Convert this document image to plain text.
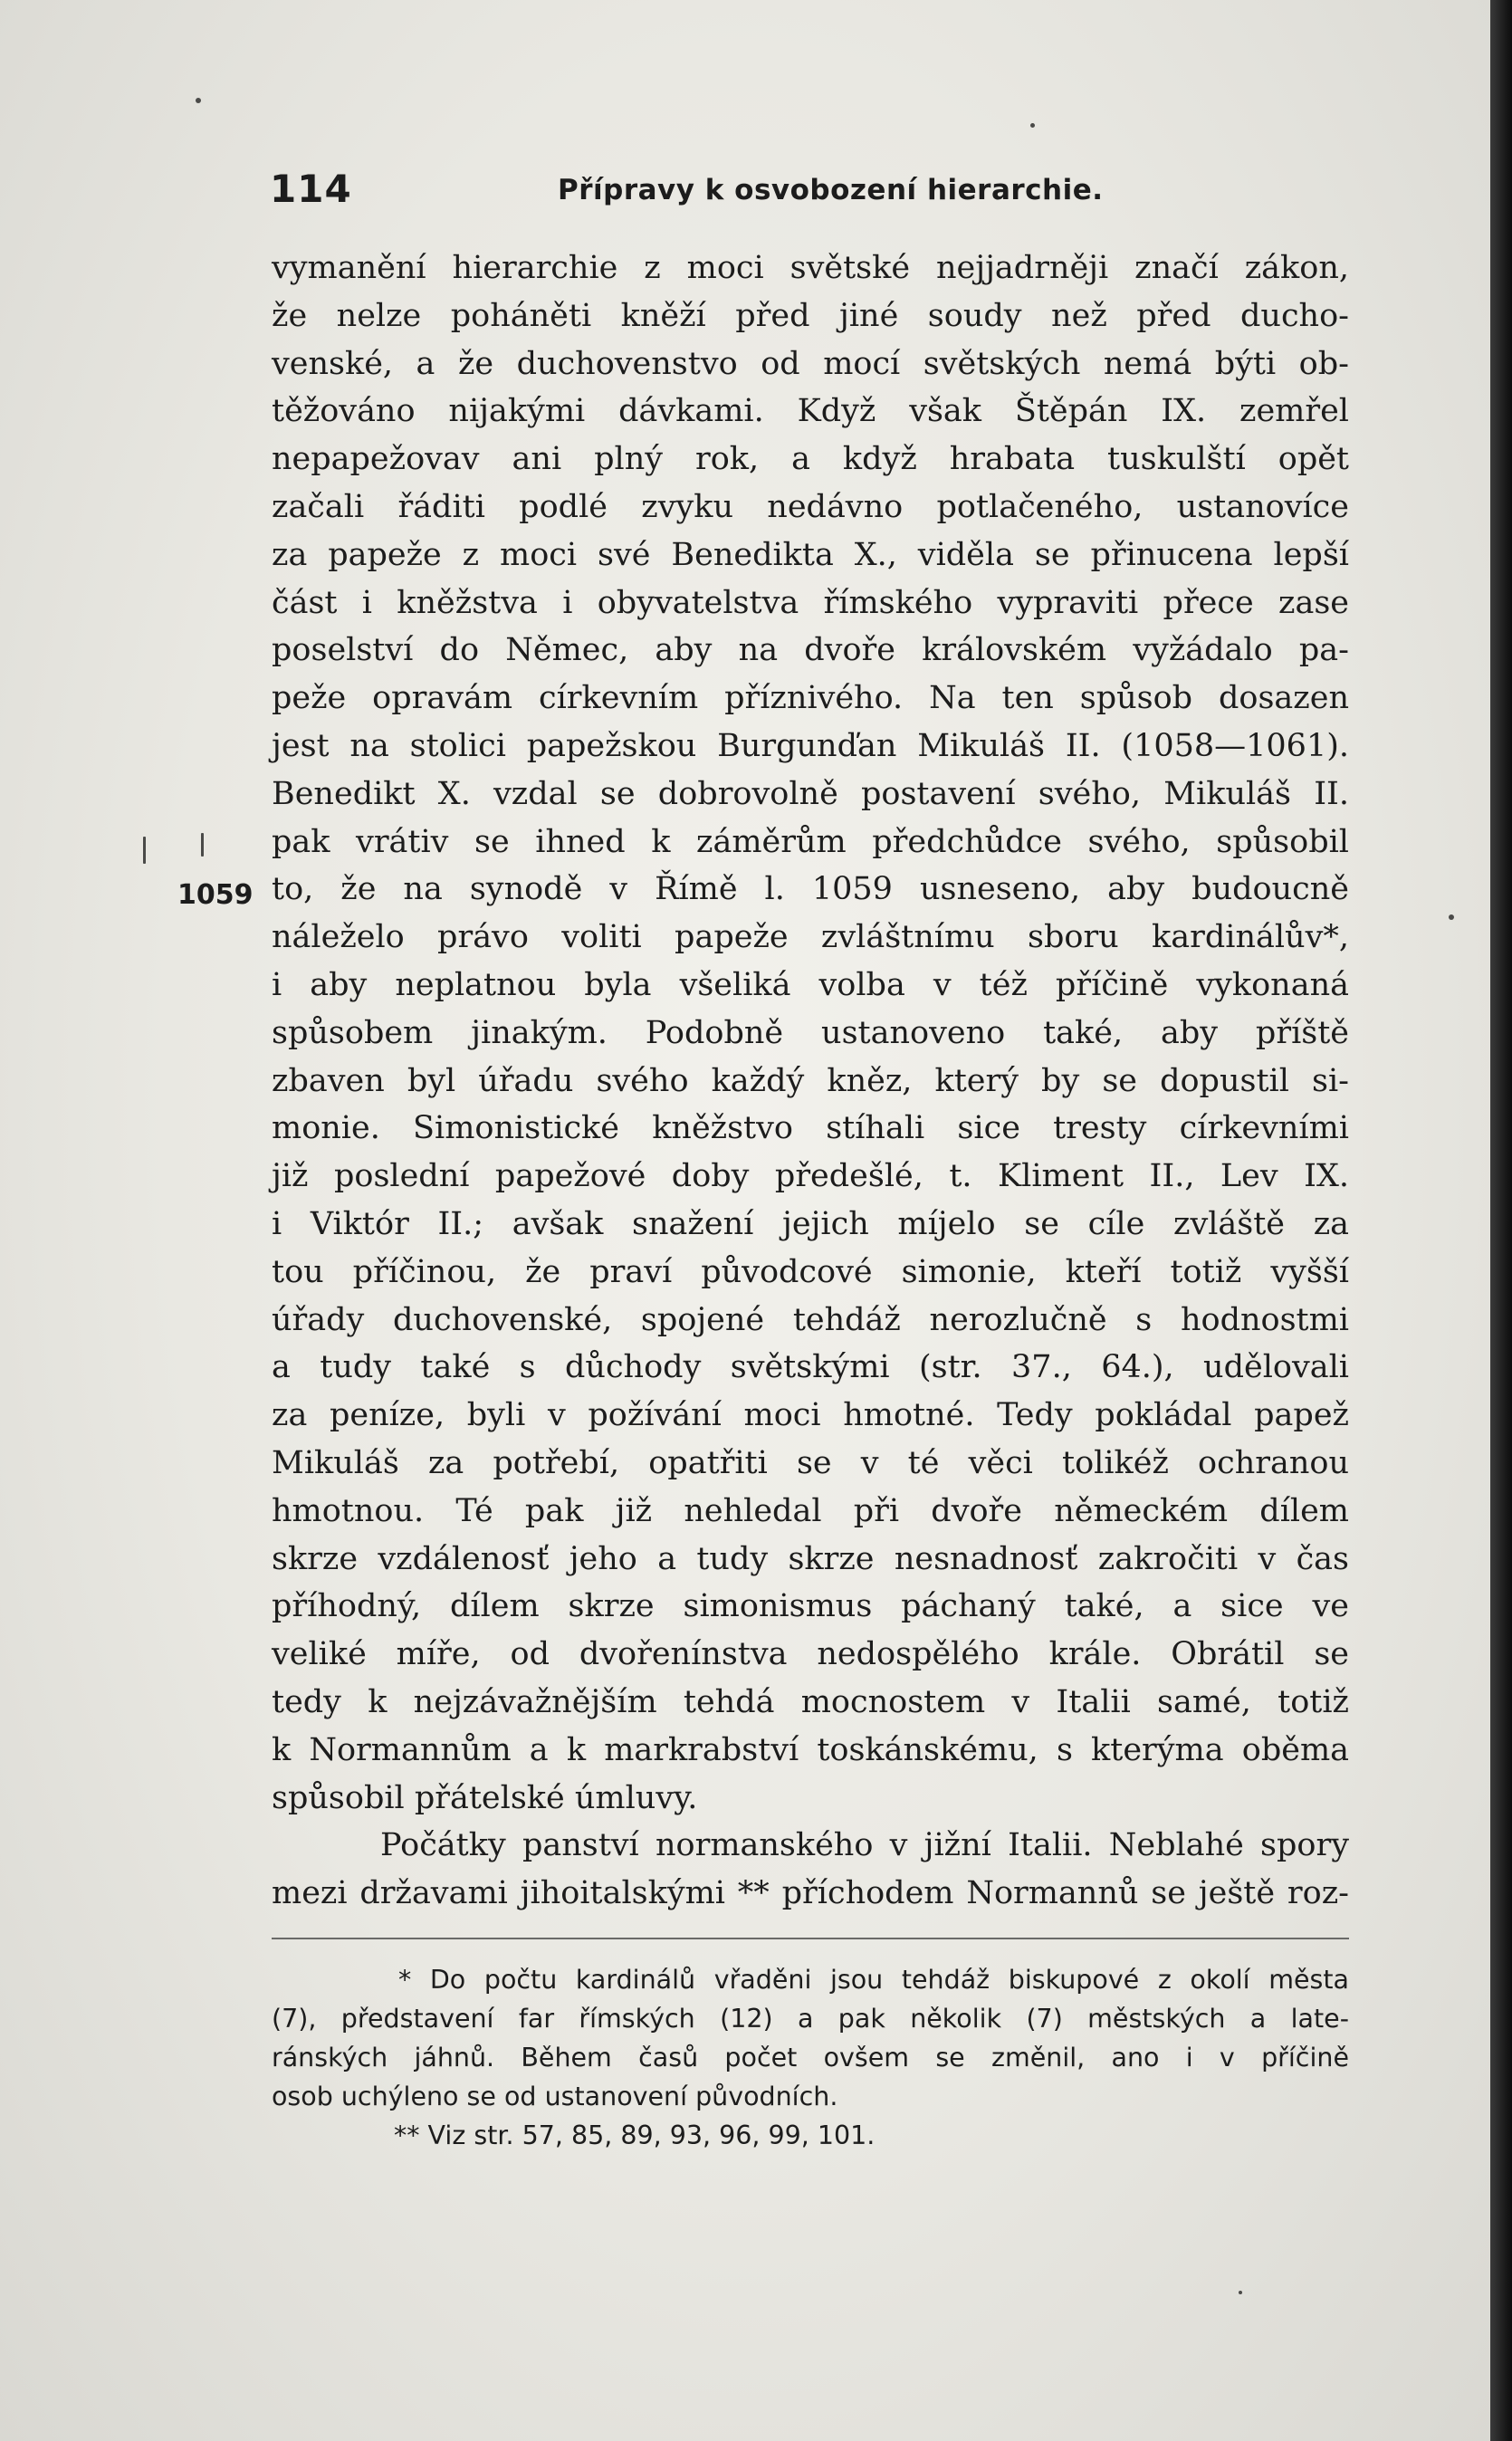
114	Přípravy k osvobození hierarchie.
1059
vymanění hierarchie z moci světské nejjadrněji značí zákon,
že nelze poháněti kněží před jiné soudy než před ducho-
venské, a že duchovenstvo od mocí světských nemá býti ob-
těžováno nijakými dávkami. Když však Štěpán IX. zemřel
nepapežovav ani plný rok, a když hrabata tuskulští opět
začali řáditi podlé zvyku nedávno potlačeného, ustanovíce
za papeže z moci své Benedikta X., viděla se přinucena lepší
část i kněžstva i obyvatelstva římského vypraviti přece zase
poselství do Němec, aby na dvoře královském vyžádalo pa-
peže opravám církevním příznivého. Na ten spůsob dosazen
jest na stolici papežskou Burgunďan Mikuláš II. (1058—1061).
Benedikt X. vzdal se dobrovolně postavení svého, Mikuláš II.
pak vrátiv se ihned k záměrům předchůdce svého, spůsobil
to, že na synodě v Římě l. 1059 usneseno, aby budoucně
náleželo právo voliti papeže zvláštnímu sboru kardinálův*,
i aby neplatnou byla všeliká volba v též příčině vykonaná
spůsobem jinakým. Podobně ustanoveno také, aby příště
zbaven byl úřadu svého každý kněz, který by se dopustil si-
monie. Simonistické kněžstvo stíhali sice tresty církevními
již poslední papežové doby předešlé, t. Kliment II., Lev IX.
i Viktór II.; avšak snažení jejich míjelo se cíle zvláště za
tou příčinou, že praví původcové simonie, kteří totiž vyšší
úřady duchovenské, spojené tehdáž nerozlučně s hodnostmi
a tudy také s důchody světskými (str. 37., 64.), udělovali
za peníze, byli v požívání moci hmotné. Tedy pokládal papež
Mikuláš za potřebí, opatřiti se v té věci tolikéž ochranou
hmotnou. Té pak již nehledal při dvoře německém dílem
skrze vzdálenosť jeho a tudy skrze nesnadnosť zakročiti v čas
příhodný, dílem skrze simonismus páchaný také, a sice ve
veliké míře, od dvořenínstva nedospělého krále. Obrátil se
tedy k nejzávažnějším tehdá mocnostem v Italii samé, totiž
k Normannům a k markrabství toskánskému, s kterýma oběma
spůsobil přátelské úmluvy.
Počátky panství normanského v jižní Italii. Neblahé spory
mezi državami jihoitalskými ** příchodem Normannů se ještě roz-
* Do počtu kardinálů vřaděni jsou tehdáž biskupové z okolí města
(7), představení far římských (12) a pak několik (7) městských a late-
ránských jáhnů. Během časů počet ovšem se změnil, ano i v příčině
osob uchýleno se od ustanovení původních.
** Viz str. 57, 85, 89, 93, 96, 99, 101.
